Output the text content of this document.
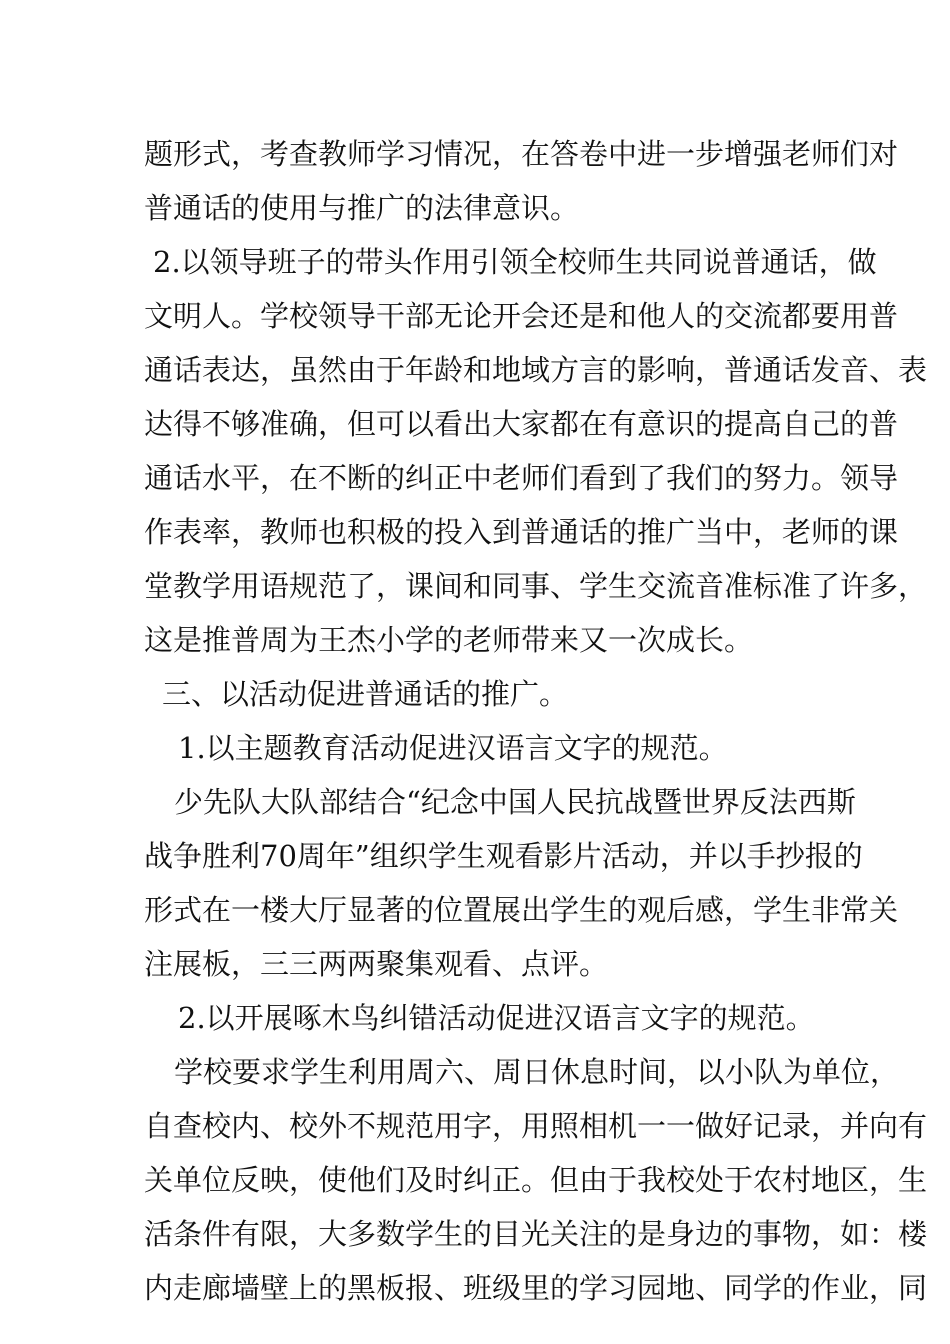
题形式，考查教师学习情况，在答卷中进一步增强老师们对
普通话的使用与推广的法律意识。
2.以领导班子的带头作用引领全校师生共同说普通话，做
文明人。学校领导干部无论开会还是和他人的交流都要用普
通话表达，虽然由于年龄和地域方言的影响，普通话发音、表
达得不够准确，但可以看出大家都在有意识的提高自己的普
通话水平，在不断的纠正中老师们看到了我们的努力。领导
作表率，教师也积极的投入到普通话的推广当中，老师的课
堂教学用语规范了，课间和同事、学生交流音准标准了许多，
这是推普周为王杰小学的老师带来又一次成长。
三、以活动促进普通话的推广。
1.以主题教育活动促进汉语言文字的规范。
少先队大队部结合“纪念中国人民抗战暨世界反法西斯
战争胜利70周年”组织学生观看影片活动，并以手抄报的
形式在一楼大厅显著的位置展出学生的观后感，学生非常关
注展板，三三两两聚集观看、点评。
2.以开展啄木鸟纠错活动促进汉语言文字的规范。
学校要求学生利用周六、周日休息时间，以小队为单位，
自查校内、校外不规范用字，用照相机一一做好记录，并向有
关单位反映，使他们及时纠正。但由于我校处于农村地区，生
活条件有限，大多数学生的目光关注的是身边的事物，如：楼
内走廊墙壁上的黑板报、班级里的学习园地、同学的作业，同
